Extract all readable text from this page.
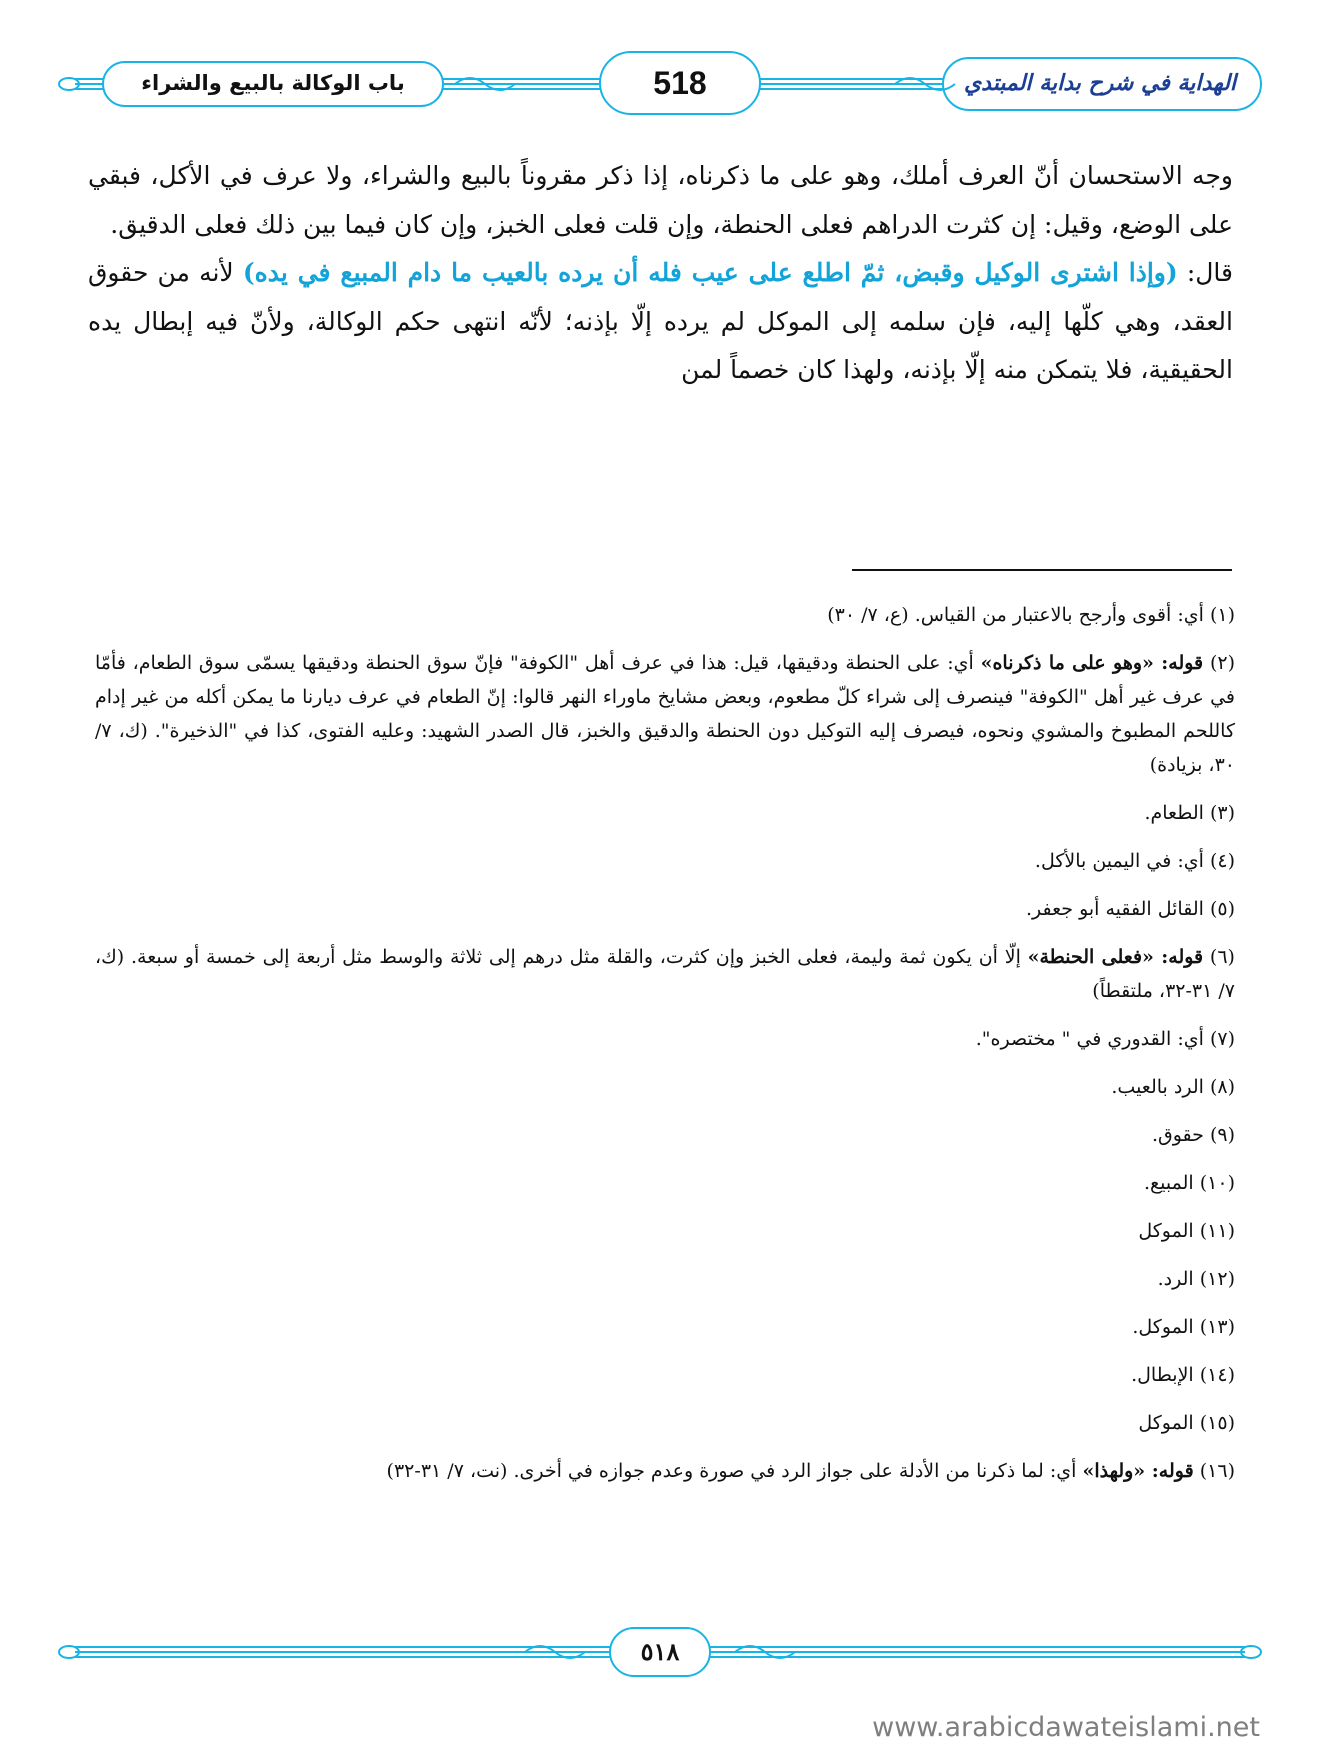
باب الوكالة بالبيع والشراء	518	الهداية في شرح بداية المبتدي

وجه الاستحسان أنّ العرف أملك، وهو على ما ذكرناه، إذا ذكر مقروناً بالبيع والشراء، ولا عرف في الأكل، فبقي على الوضع، وقيل: إن كثرت الدراهم فعلى الحنطة، وإن قلت فعلى الخبز، وإن كان فيما بين ذلك فعلى الدقيق.

قال: (وإذا اشترى الوكيل وقبض، ثمّ اطلع على عيب فله أن يرده بالعيب ما دام المبيع في يده) لأنه من حقوق العقد، وهي كلّها إليه، فإن سلمه إلى الموكل لم يرده إلّا بإذنه؛ لأنّه انتهى حكم الوكالة، ولأنّ فيه إبطال يده الحقيقية، فلا يتمكن منه إلّا بإذنه، ولهذا كان خصماً لمن

(١) أي: أقوى وأرجح بالاعتبار من القياس. (ع، ٧/ ٣٠)

(٢) قوله: «وهو على ما ذكرناه» أي: على الحنطة ودقيقها، قيل: هذا في عرف أهل "الكوفة" فإنّ سوق الحنطة ودقيقها يسمّى سوق الطعام، فأمّا في عرف غير أهل "الكوفة" فينصرف إلى شراء كلّ مطعوم، وبعض مشايخ ماوراء النهر قالوا: إنّ الطعام في عرف ديارنا ما يمكن أكله من غير إدام كاللحم المطبوخ والمشوي ونحوه، فيصرف إليه التوكيل دون الحنطة والدقيق والخبز، قال الصدر الشهيد: وعليه الفتوى، كذا في "الذخيرة". (ك، ٧/ ٣٠، بزيادة)

(٣) الطعام.

(٤) أي: في اليمين بالأكل.

(٥) القائل الفقيه أبو جعفر.

(٦) قوله: «فعلى الحنطة» إلّا أن يكون ثمة وليمة، فعلى الخبز وإن كثرت، والقلة مثل درهم إلى ثلاثة والوسط مثل أربعة إلى خمسة أو سبعة. (ك، ٧/ ٣١-٣٢، ملتقطاً)

(٧) أي: القدوري في " مختصره".

(٨) الرد بالعيب.

(٩) حقوق.

(١٠) المبيع.

(١١) الموكل

(١٢) الرد.

(١٣) الموكل.

(١٤) الإبطال.

(١٥) الموكل

(١٦) قوله: «ولهذا» أي: لما ذكرنا من الأدلة على جواز الرد في صورة وعدم جوازه في أخرى. (نت، ٧/ ٣١-٣٢)

٥١٨
www.arabicdawateislami.net
